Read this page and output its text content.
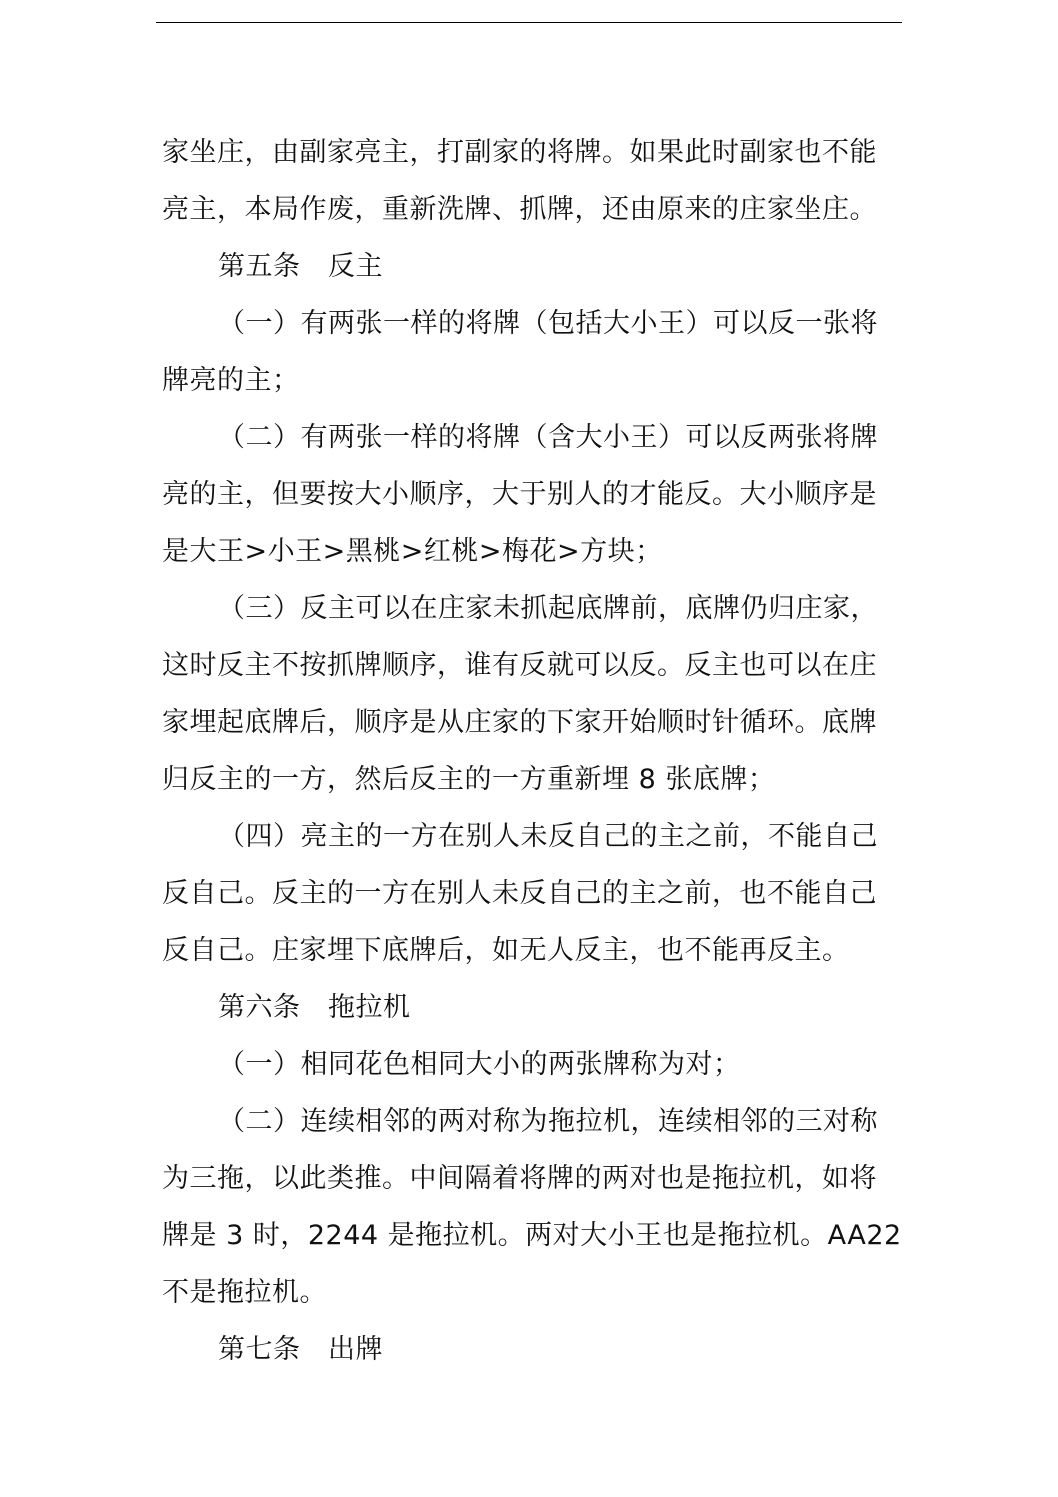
家坐庄，由副家亮主，打副家的将牌。如果此时副家也不能亮主，本局作废，重新洗牌、抓牌，还由原来的庄家坐庄。

第五条　反主

（一）有两张一样的将牌（包括大小王）可以反一张将牌亮的主；

（二）有两张一样的将牌（含大小王）可以反两张将牌亮的主，但要按大小顺序，大于别人的才能反。大小顺序是是大王>小王>黑桃>红桃>梅花>方块；

（三）反主可以在庄家未抓起底牌前，底牌仍归庄家，这时反主不按抓牌顺序，谁有反就可以反。反主也可以在庄家埋起底牌后，顺序是从庄家的下家开始顺时针循环。底牌归反主的一方，然后反主的一方重新埋 8 张底牌；

（四）亮主的一方在别人未反自己的主之前，不能自己反自己。反主的一方在别人未反自己的主之前，也不能自己反自己。庄家埋下底牌后，如无人反主，也不能再反主。

第六条　拖拉机

（一）相同花色相同大小的两张牌称为对；

（二）连续相邻的两对称为拖拉机，连续相邻的三对称为三拖，以此类推。中间隔着将牌的两对也是拖拉机，如将牌是 3 时，2244 是拖拉机。两对大小王也是拖拉机。AA22 不是拖拉机。

第七条　出牌
